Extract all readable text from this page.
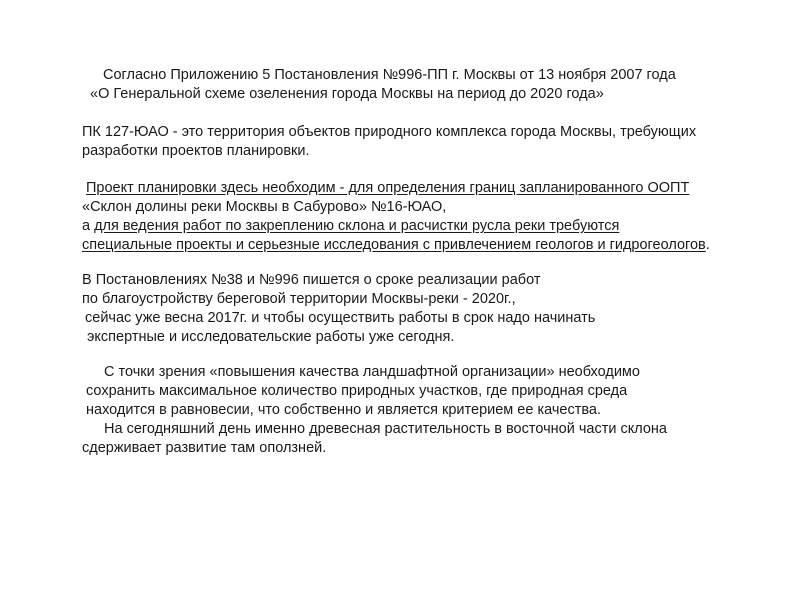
Согласно Приложению 5 Постановления №996-ПП г. Москвы от 13 ноября 2007 года
«О Генеральной схеме озеленения города Москвы на период до 2020 года»
ПК 127-ЮАО - это территория объектов природного комплекса города Москвы, требующих
разработки проектов планировки.
Проект планировки здесь необходим - для определения границ запланированного ООПТ
«Склон долины реки Москвы в Сабурово» №16-ЮАО,
а для ведения работ по закреплению склона и расчистки русла реки требуются
специальные проекты и серьезные исследования с привлечением геологов и гидрогеологов.
В Постановлениях №38 и №996 пишется о сроке реализации работ
по благоустройству береговой территории Москвы-реки - 2020г.,
сейчас уже весна 2017г. и чтобы осуществить работы в срок надо начинать
экспертные и исследовательские работы уже сегодня.
С точки зрения «повышения качества ландшафтной организации» необходимо
сохранить максимальное количество природных участков, где природная среда
находится в равновесии, что собственно и является критерием ее качества.
На сегодняшний день именно древесная растительность в восточной части склона
сдерживает развитие там оползней.
